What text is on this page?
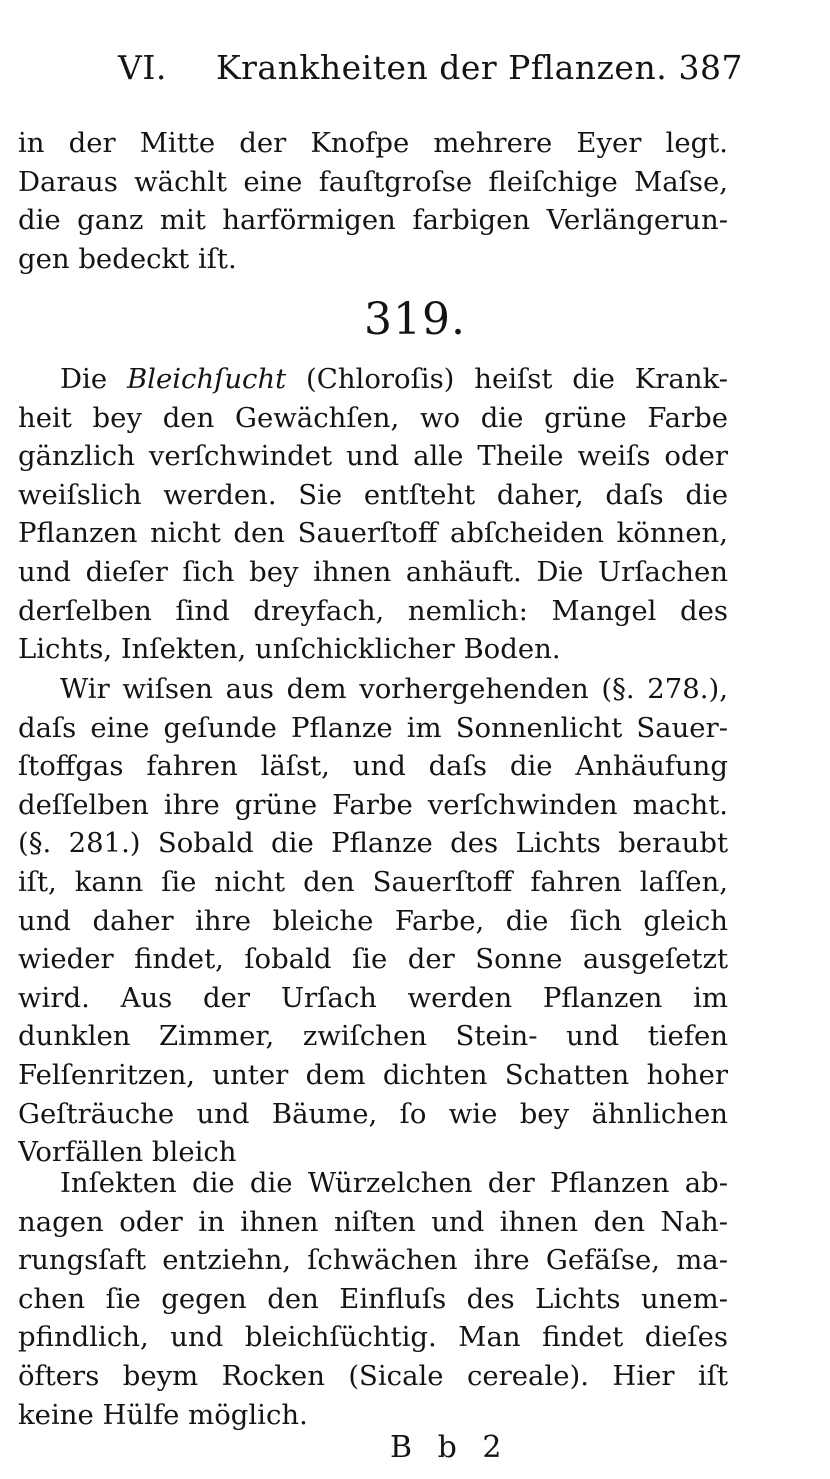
VI. Krankheiten der Pflanzen. 387
in der Mitte der Knofpe mehrere Eyer legt.
Daraus wächlt eine fauſtgroſse fleiſchige Maſse,
die ganz mit harförmigen farbigen Verlängerun-
gen bedeckt iſt.
319.
Die Bleichſucht (Chloroſis) heiſst die Krank-
heit bey den Gewächſen, wo die grüne Farbe
gänzlich verſchwindet und alle Theile weiſs oder
weiſslich werden. Sie entſteht daher, daſs die
Pflanzen nicht den Sauerſtoff abſcheiden können,
und dieſer ſich bey ihnen anhäuft. Die Urſachen
derſelben ſind dreyfach, nemlich: Mangel des
Lichts, Inſekten, unſchicklicher Boden.
Wir wiſsen aus dem vorhergehenden (§. 278.),
daſs eine geſunde Pflanze im Sonnenlicht Sauer-
ſtoffgas fahren läſst, und daſs die Anhäufung
deſſelben ihre grüne Farbe verſchwinden macht.
(§. 281.) Sobald die Pflanze des Lichts beraubt
iſt, kann ſie nicht den Sauerſtoff fahren laſſen,
und daher ihre bleiche Farbe, die ſich gleich
wieder findet, ſobald ſie der Sonne ausgeſetzt
wird. Aus der Urſach werden Pflanzen im
dunklen Zimmer, zwiſchen Stein- und tiefen
Felſenritzen, unter dem dichten Schatten hoher
Geſträuche und Bäume, ſo wie bey ähnlichen
Vorfällen bleich
Inſekten die die Würzelchen der Pflanzen ab-
nagen oder in ihnen niſten und ihnen den Nah-
rungsſaft entziehn, ſchwächen ihre Gefäſse, ma-
chen ſie gegen den Einfluſs des Lichts unem-
pfindlich, und bleichſüchtig. Man findet dieſes
öfters beym Rocken (Sicale cereale). Hier iſt
keine Hülfe möglich.
B b 2
